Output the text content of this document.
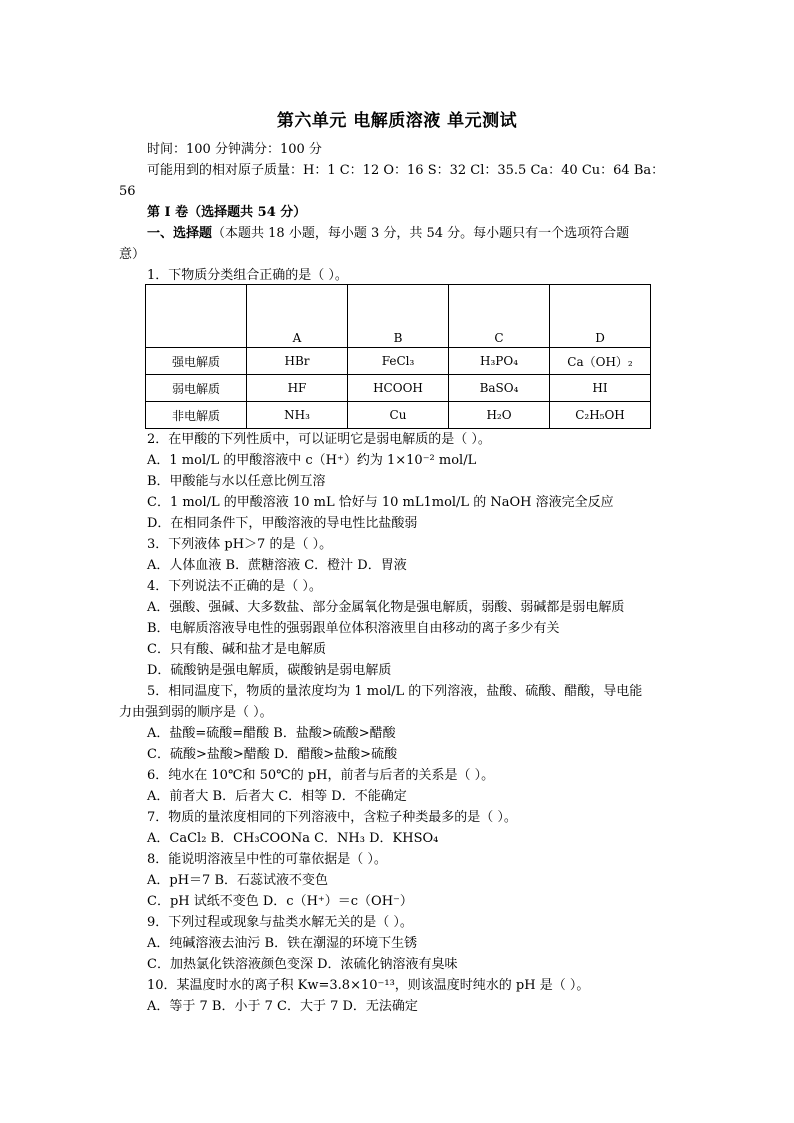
第六单元 电解质溶液 单元测试
时间：100 分钟满分：100 分
可能用到的相对原子质量：H：1 C：12 O：16 S：32 Cl：35.5 Ca：40 Cu：64 Ba：
56
第 I 卷（选择题共 54 分）
一、选择题（本题共 18 小题，每小题 3 分，共 54 分。每小题只有一个选项符合题
意）
1．下物质分类组合正确的是（ ）。
	A	B	C	D
强电解质	HBr	FeCl₃	H₃PO₄	Ca（OH）₂
弱电解质	HF	HCOOH	BaSO₄	HI
非电解质	NH₃	Cu	H₂O	C₂H₅OH
2．在甲酸的下列性质中，可以证明它是弱电解质的是（ ）。
A．1 mol/L 的甲酸溶液中 c（H⁺）约为 1×10⁻² mol/L
B．甲酸能与水以任意比例互溶
C．1 mol/L 的甲酸溶液 10 mL 恰好与 10 mL1mol/L 的 NaOH 溶液完全反应
D．在相同条件下，甲酸溶液的导电性比盐酸弱
3．下列液体 pH＞7 的是（ ）。
A．人体血液 B．蔗糖溶液 C．橙汁 D．胃液
4．下列说法不正确的是（ ）。
A．强酸、强碱、大多数盐、部分金属氧化物是强电解质，弱酸、弱碱都是弱电解质
B．电解质溶液导电性的强弱跟单位体积溶液里自由移动的离子多少有关
C．只有酸、碱和盐才是电解质
D．硫酸钠是强电解质，碳酸钠是弱电解质
5．相同温度下，物质的量浓度均为 1 mol/L 的下列溶液，盐酸、硫酸、醋酸，导电能
力由强到弱的顺序是（ ）。
A．盐酸=硫酸=醋酸 B．盐酸>硫酸>醋酸
C．硫酸>盐酸>醋酸 D．醋酸>盐酸>硫酸
6．纯水在 10℃和 50℃的 pH，前者与后者的关系是（ ）。
A．前者大 B．后者大 C．相等 D．不能确定
7．物质的量浓度相同的下列溶液中，含粒子种类最多的是（ ）。
A．CaCl₂ B．CH₃COONa C．NH₃ D．KHSO₄
8．能说明溶液呈中性的可靠依据是（ ）。
A．pH＝7 B．石蕊试液不变色
C．pH 试纸不变色 D．c（H⁺）＝c（OH⁻）
9．下列过程或现象与盐类水解无关的是（ ）。
A．纯碱溶液去油污 B．铁在潮湿的环境下生锈
C．加热氯化铁溶液颜色变深 D．浓硫化钠溶液有臭味
10．某温度时水的离子积 Kw=3.8×10⁻¹³，则该温度时纯水的 pH 是（ ）。
A．等于 7 B．小于 7 C．大于 7 D．无法确定
